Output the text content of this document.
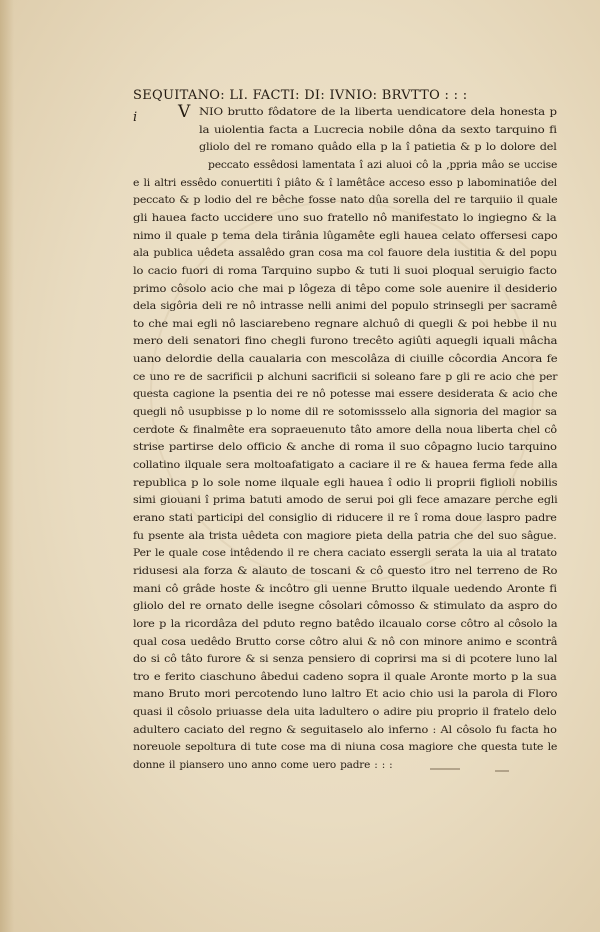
SEQUITANO: LI. FACTI: DI: IVNIO: BRVTTO : : :
i V NIO brutto fôdatore de la liberta uendicatore dela honesta p
la uiolentia facta a Lucrecia nobile dôna da sexto tarquino fi
gliolo del re romano quâdo ella p la î patietia & p lo dolore del
peccato essêdosi lamentata î azi aluoi cô la ,ppria mâo se uccise
e li altri essêdo conuertiti î piâto & î lamêtâce acceso esso p labominatiôe del
peccato & p lodio del re bêche fosse nato dûa sorella del re tarquiio il quale
gli hauea facto uccidere uno suo fratello nô manifestato lo ingiegno & la
nimo il quale p tema dela tirânia lûgamête egli hauea celato offersesi capo
ala publica uêdeta assalêdo gran cosa ma col fauore dela iustitia & del popu
lo cacio fuori di roma Tarquino supbo & tuti li suoi ploqual seruigio facto
primo côsolo acio che mai p lôgeza di têpo come sole auenire il desiderio
dela sigôria deli re nô intrasse nelli animi del populo strinsegli per sacramê
to che mai egli nô lasciarebeno regnare alchuô di quegli & poi hebbe il nu
mero deli senatori fino chegli furono trecêto agiûti aquegli iquali mâcha
uano delordie della caualaria con mescolâza di ciuille côcordia Ancora fe
ce uno re de sacrificii p alchuni sacrificii si soleano fare p gli re acio che per
questa cagione la psentia dei re nô potesse mai essere desiderata & acio che
quegli nô usupbisse p lo nome dil re sotomissselo alla signoria del magior sa
cerdote & finalmête era sopraeuenuto tâto amore della noua liberta chel cô
strise partirse delo officio & anche di roma il suo côpagno lucio tarquino
collatino ilquale sera moltoafatigato a caciare il re & hauea ferma fede alla
republica p lo sole nome ilquale egli hauea î odio li proprii figlioli nobilis
simi giouani î prima batuti amodo de serui poi gli fece amazare perche egli
erano stati participi del consiglio di riducere il re î roma doue laspro padre
fu psente ala trista uêdeta con magiore pieta della patria che del suo sâgue.
Per le quale cose intêdendo il re chera caciato essergli serata la uia al tratato
ridusesi ala forza & alauto de toscani & cô questo itro nel terreno de Ro
mani cô grâde hoste & incôtro gli uenne Brutto ilquale uedendo Aronte fi
gliolo del re ornato delle isegne côsolari cômosso & stimulato da aspro do
lore p la ricordâza del pduto regno batêdo ilcaualo corse côtro al côsolo la
qual cosa uedêdo Brutto corse côtro alui & nô con minore animo e scontrâ
do si cô tâto furore & si senza pensiero di coprirsi ma si di pcotere luno lal
tro e ferito ciaschuno âbedui cadeno sopra il quale Aronte morto p la sua
mano Bruto mori percotendo luno laltro Et acio chio usi la parola di Floro
quasi il côsolo priuasse dela uita ladultero o adire piu proprio il fratelo delo
adultero caciato del regno & seguitaselo alo inferno : Al côsolo fu facta ho
noreuole sepoltura di tute cose ma di niuna cosa magiore che questa tute le
donne il piansero uno anno come uero padre : : :
